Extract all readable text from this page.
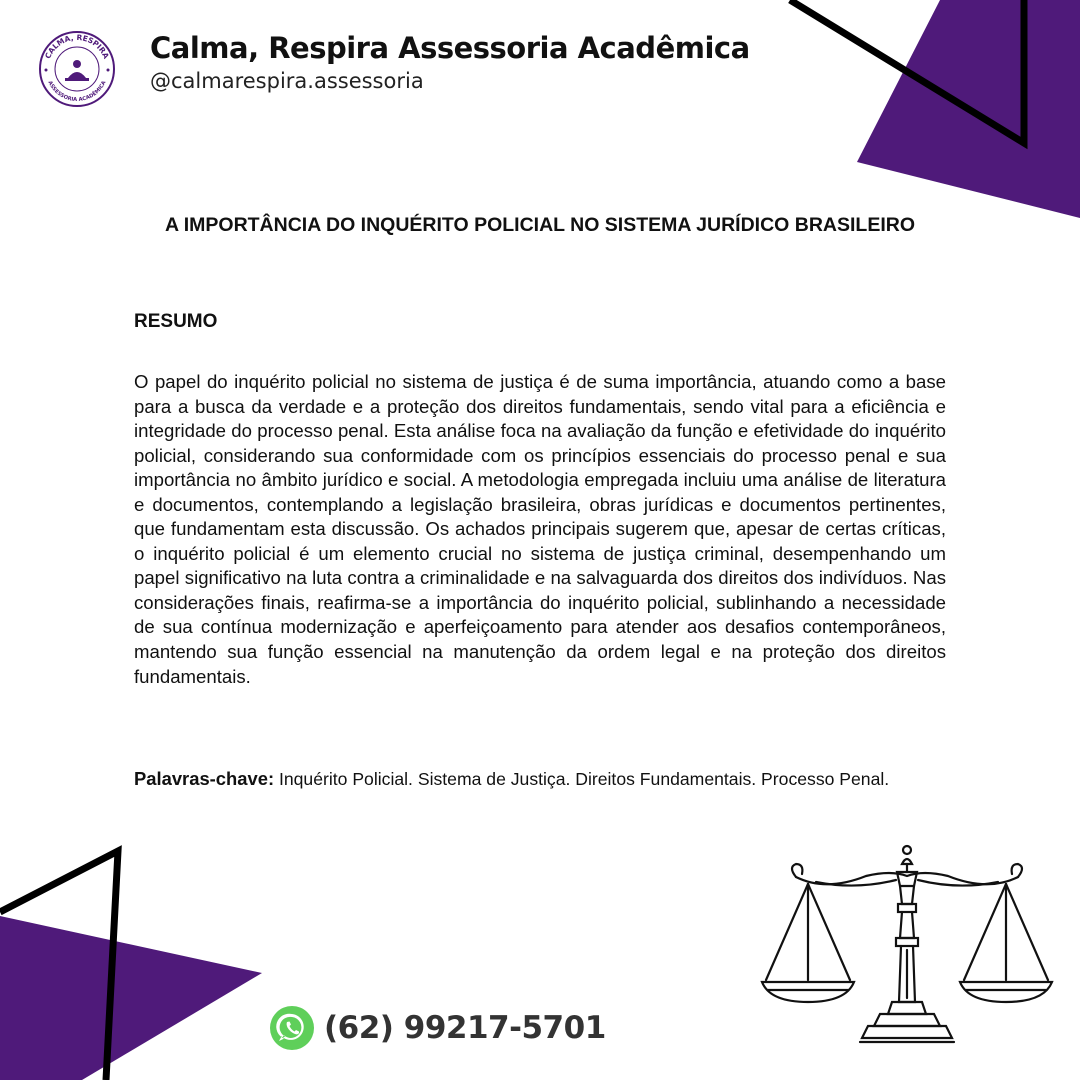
CALMA, RESPIRA
ASSESSORIA ACADÊMICA
Calma, Respira Assessoria Acadêmica
@calmarespira.assessoria
A IMPORTÂNCIA DO INQUÉRITO POLICIAL NO SISTEMA JURÍDICO BRASILEIRO
RESUMO
O papel do inquérito policial no sistema de justiça é de suma importância, atuando como a base para a busca da verdade e a proteção dos direitos fundamentais, sendo vital para a eficiência e integridade do processo penal. Esta análise foca na avaliação da função e efetividade do inquérito policial, considerando sua conformidade com os princípios essenciais do processo penal e sua importância no âmbito jurídico e social. A metodologia empregada incluiu uma análise de literatura e documentos, contemplando a legislação brasileira, obras jurídicas e documentos pertinentes, que fundamentam esta discussão. Os achados principais sugerem que, apesar de certas críticas, o inquérito policial é um elemento crucial no sistema de justiça criminal, desempenhando um papel significativo na luta contra a criminalidade e na salvaguarda dos direitos dos indivíduos. Nas considerações finais, reafirma-se a importância do inquérito policial, sublinhando a necessidade de sua contínua modernização e aperfeiçoamento para atender aos desafios contemporâneos, mantendo sua função essencial na manutenção da ordem legal e na proteção dos direitos fundamentais.
Palavras-chave: Inquérito Policial. Sistema de Justiça. Direitos Fundamentais. Processo Penal.
(62) 99217-5701
